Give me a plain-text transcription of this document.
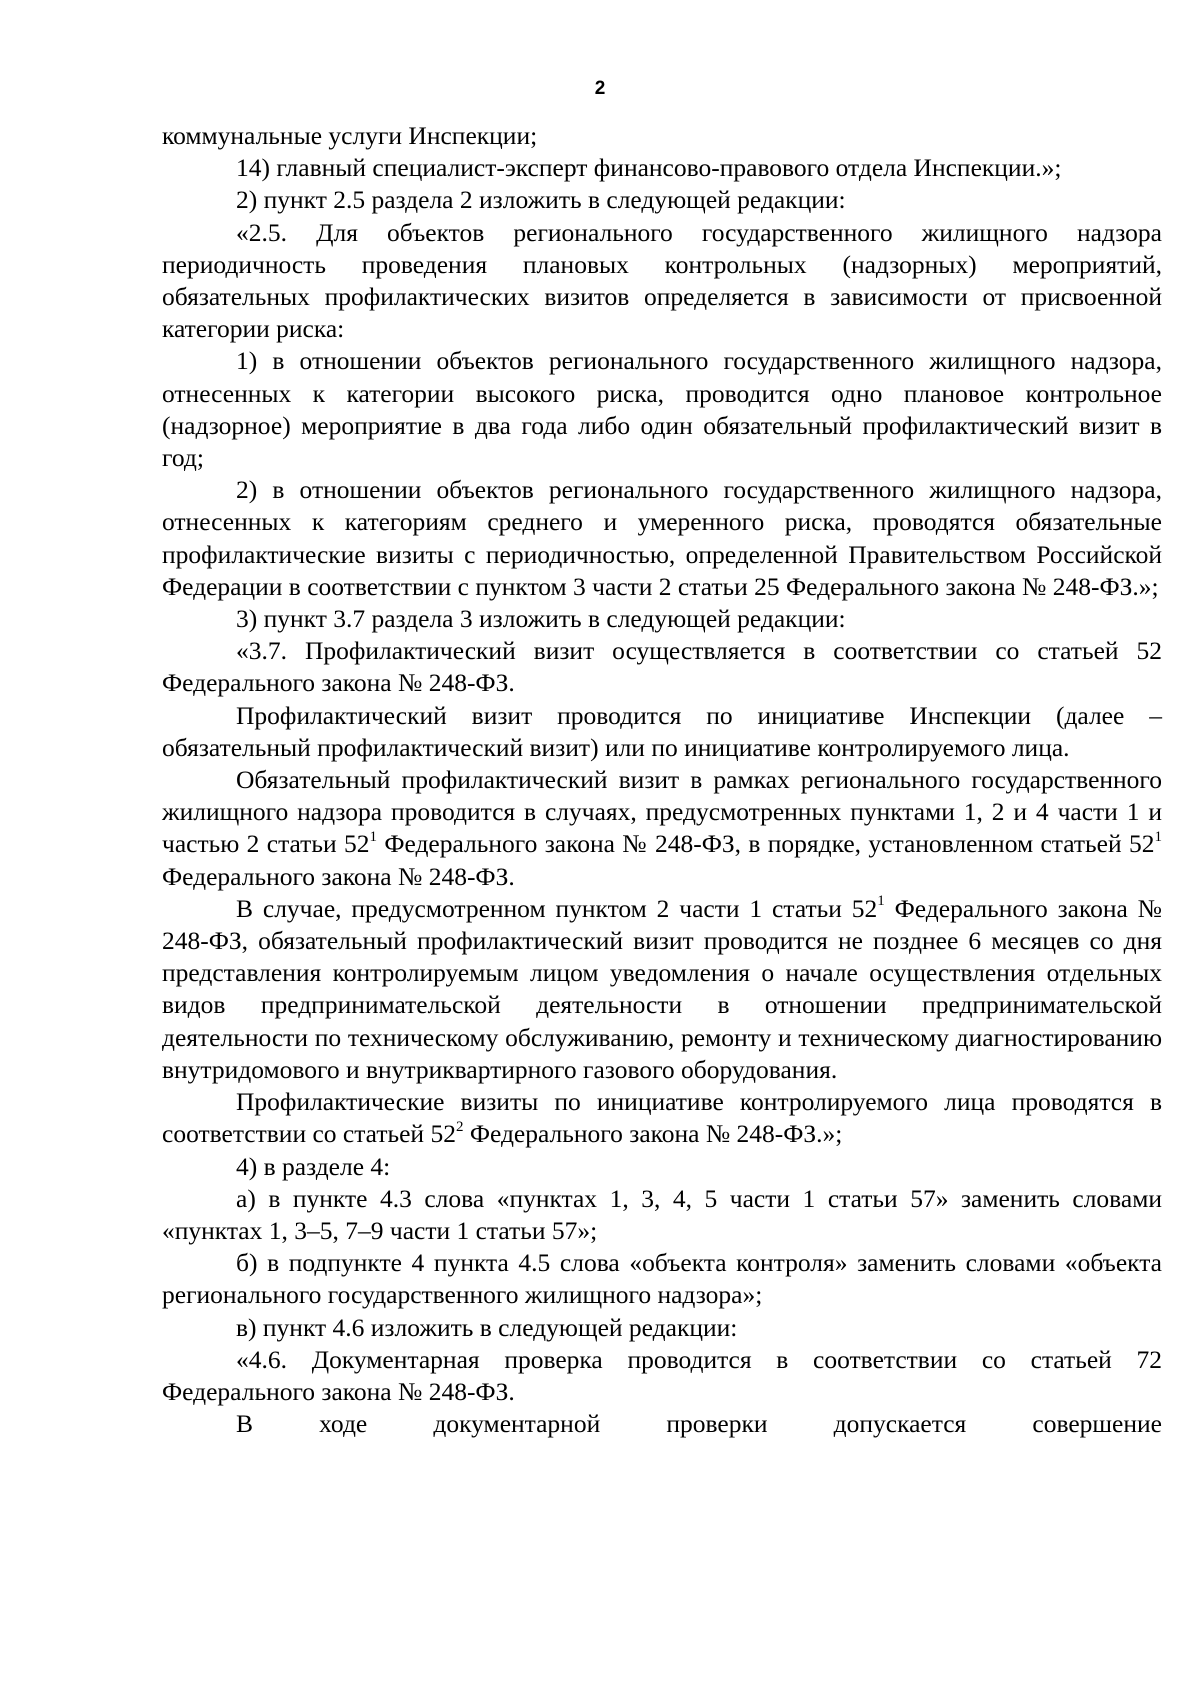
2

коммунальные услуги Инспекции;

14) главный специалист-эксперт финансово-правового отдела Инспекции.»;

2) пункт 2.5 раздела 2 изложить в следующей редакции:

«2.5. Для объектов регионального государственного жилищного надзора периодичность проведения плановых контрольных (надзорных) мероприятий, обязательных профилактических визитов определяется в зависимости от присвоенной категории риска:

1) в отношении объектов регионального государственного жилищного надзора, отнесенных к категории высокого риска, проводится одно плановое контрольное (надзорное) мероприятие в два года либо один обязательный профилактический визит в год;

2) в отношении объектов регионального государственного жилищного надзора, отнесенных к категориям среднего и умеренного риска, проводятся обязательные профилактические визиты с периодичностью, определенной Правительством Российской Федерации в соответствии с пунктом 3 части 2 статьи 25 Федерального закона № 248-ФЗ.»;

3) пункт 3.7 раздела 3 изложить в следующей редакции:

«3.7. Профилактический визит осуществляется в соответствии со статьей 52 Федерального закона № 248-ФЗ.

Профилактический визит проводится по инициативе Инспекции (далее – обязательный профилактический визит) или по инициативе контролируемого лица.

Обязательный профилактический визит в рамках регионального государственного жилищного надзора проводится в случаях, предусмотренных пунктами 1, 2 и 4 части 1 и частью 2 статьи $52^1$ Федерального закона № 248-ФЗ, в порядке, установленном статьей $52^1$ Федерального закона № 248-ФЗ.

В случае, предусмотренном пунктом 2 части 1 статьи $52^1$ Федерального закона № 248-ФЗ, обязательный профилактический визит проводится не позднее 6 месяцев со дня представления контролируемым лицом уведомления о начале осуществления отдельных видов предпринимательской деятельности в отношении предпринимательской деятельности по техническому обслуживанию, ремонту и техническому диагностированию внутридомового и внутриквартирного газового оборудования.

Профилактические визиты по инициативе контролируемого лица проводятся в соответствии со статьей $52^2$ Федерального закона № 248-ФЗ.»;

4) в разделе 4:

а) в пункте 4.3 слова «пунктах 1, 3, 4, 5 части 1 статьи 57» заменить словами «пунктах 1, 3–5, 7–9 части 1 статьи 57»;

б) в подпункте 4 пункта 4.5 слова «объекта контроля» заменить словами «объекта регионального государственного жилищного надзора»;

в) пункт 4.6 изложить в следующей редакции:

«4.6. Документарная проверка проводится в соответствии со статьей 72 Федерального закона № 248-ФЗ.

В ходе документарной проверки допускается совершение
